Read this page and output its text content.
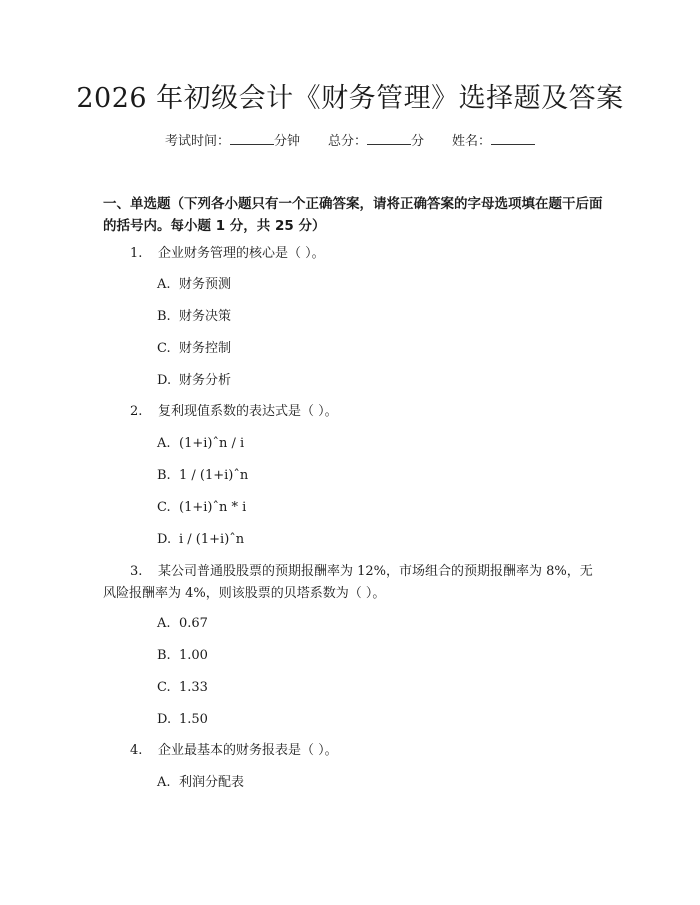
2026 年初级会计《财务管理》选择题及答案
考试时间：	分钟 总分：	分 姓名：
一、单选题（下列各小题只有一个正确答案，请将正确答案的字母选项填在题干后面的括号内。每小题 1 分，共 25 分）
1. 企业财务管理的核心是（ ）。
A. 财务预测
B. 财务决策
C. 财务控制
D. 财务分析
2. 复利现值系数的表达式是（ ）。
A. (1+i)ˆn / i
B. 1 / (1+i)ˆn
C. (1+i)ˆn * i
D. i / (1+i)ˆn
3. 某公司普通股股票的预期报酬率为 12%，市场组合的预期报酬率为 8%，无风险报酬率为 4%，则该股票的贝塔系数为（ ）。
A. 0.67
B. 1.00
C. 1.33
D. 1.50
4. 企业最基本的财务报表是（ ）。
A. 利润分配表
